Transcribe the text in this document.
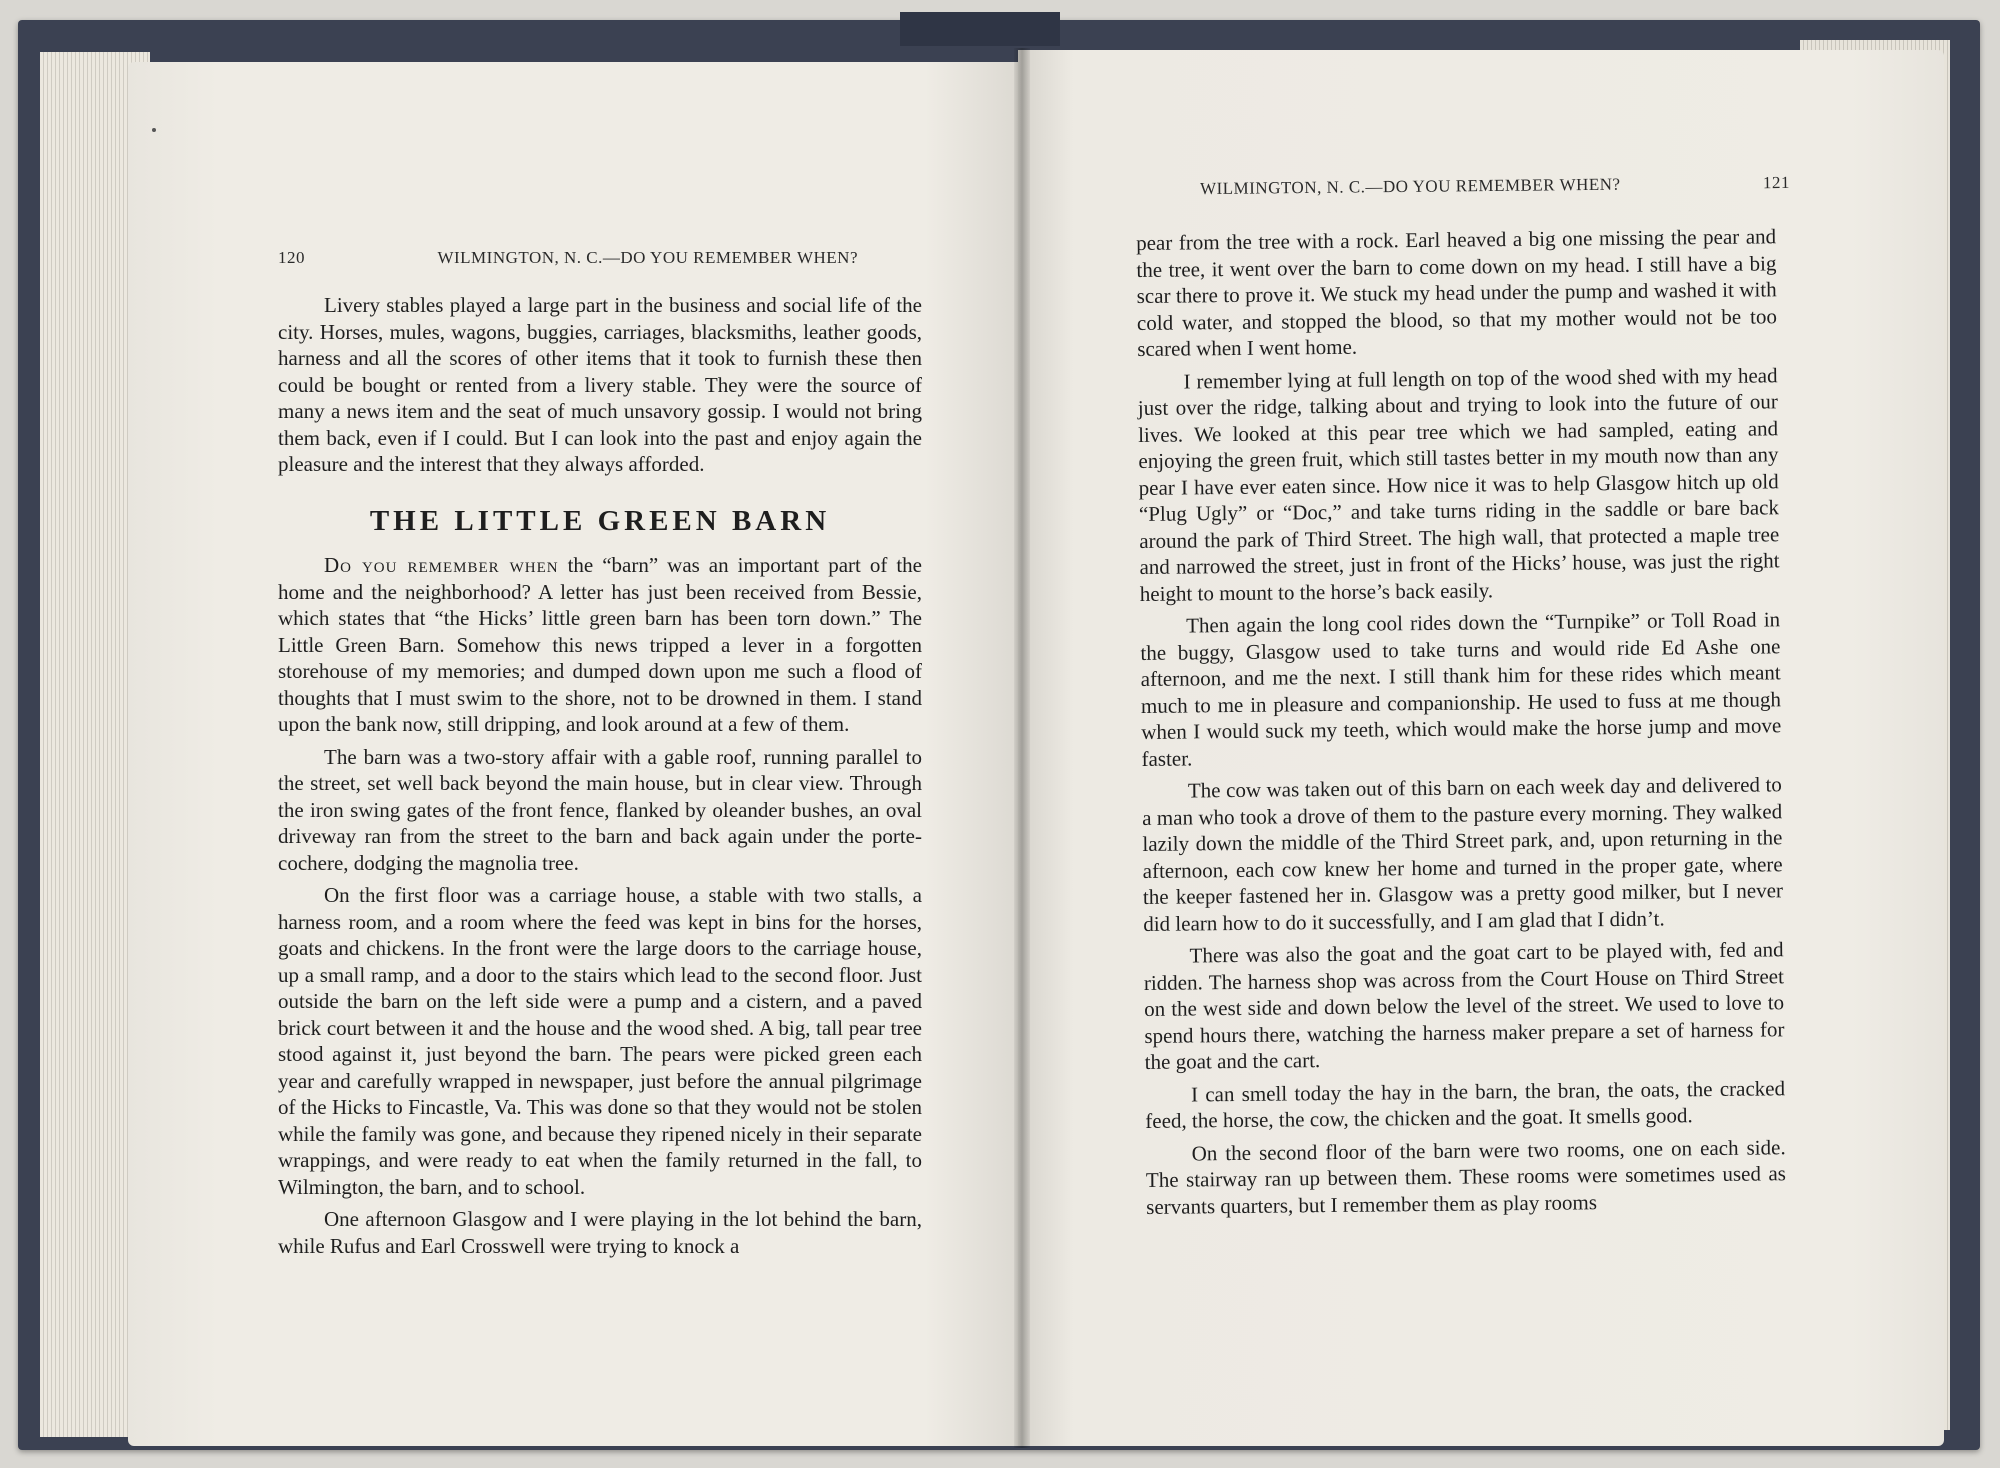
120	WILMINGTON, N. C.—DO YOU REMEMBER WHEN?

Livery stables played a large part in the business and social life of the city. Horses, mules, wagons, buggies, carriages, blacksmiths, leather goods, harness and all the scores of other items that it took to furnish these then could be bought or rented from a livery stable. They were the source of many a news item and the seat of much unsavory gossip. I would not bring them back, even if I could. But I can look into the past and enjoy again the pleasure and the interest that they always afforded.

THE LITTLE GREEN BARN

Do you remember when the “barn” was an important part of the home and the neighborhood? A letter has just been received from Bessie, which states that “the Hicks’ little green barn has been torn down.” The Little Green Barn. Somehow this news tripped a lever in a forgotten storehouse of my memories; and dumped down upon me such a flood of thoughts that I must swim to the shore, not to be drowned in them. I stand upon the bank now, still dripping, and look around at a few of them.

The barn was a two-story affair with a gable roof, running parallel to the street, set well back beyond the main house, but in clear view. Through the iron swing gates of the front fence, flanked by oleander bushes, an oval driveway ran from the street to the barn and back again under the porte-cochere, dodging the magnolia tree.

On the first floor was a carriage house, a stable with two stalls, a harness room, and a room where the feed was kept in bins for the horses, goats and chickens. In the front were the large doors to the carriage house, up a small ramp, and a door to the stairs which lead to the second floor. Just outside the barn on the left side were a pump and a cistern, and a paved brick court between it and the house and the wood shed. A big, tall pear tree stood against it, just beyond the barn. The pears were picked green each year and carefully wrapped in newspaper, just before the annual pilgrimage of the Hicks to Fincastle, Va. This was done so that they would not be stolen while the family was gone, and because they ripened nicely in their separate wrappings, and were ready to eat when the family returned in the fall, to Wilmington, the barn, and to school.

One afternoon Glasgow and I were playing in the lot behind the barn, while Rufus and Earl Crosswell were trying to knock a

WILMINGTON, N. C.—DO YOU REMEMBER WHEN?	121

pear from the tree with a rock. Earl heaved a big one missing the pear and the tree, it went over the barn to come down on my head. I still have a big scar there to prove it. We stuck my head under the pump and washed it with cold water, and stopped the blood, so that my mother would not be too scared when I went home.

I remember lying at full length on top of the wood shed with my head just over the ridge, talking about and trying to look into the future of our lives. We looked at this pear tree which we had sampled, eating and enjoying the green fruit, which still tastes better in my mouth now than any pear I have ever eaten since. How nice it was to help Glasgow hitch up old “Plug Ugly” or “Doc,” and take turns riding in the saddle or bare back around the park of Third Street. The high wall, that protected a maple tree and narrowed the street, just in front of the Hicks’ house, was just the right height to mount to the horse’s back easily.

Then again the long cool rides down the “Turnpike” or Toll Road in the buggy, Glasgow used to take turns and would ride Ed Ashe one afternoon, and me the next. I still thank him for these rides which meant much to me in pleasure and companionship. He used to fuss at me though when I would suck my teeth, which would make the horse jump and move faster.

The cow was taken out of this barn on each week day and delivered to a man who took a drove of them to the pasture every morning. They walked lazily down the middle of the Third Street park, and, upon returning in the afternoon, each cow knew her home and turned in the proper gate, where the keeper fastened her in. Glasgow was a pretty good milker, but I never did learn how to do it successfully, and I am glad that I didn’t.

There was also the goat and the goat cart to be played with, fed and ridden. The harness shop was across from the Court House on Third Street on the west side and down below the level of the street. We used to love to spend hours there, watching the harness maker prepare a set of harness for the goat and the cart.

I can smell today the hay in the barn, the bran, the oats, the cracked feed, the horse, the cow, the chicken and the goat. It smells good.

On the second floor of the barn were two rooms, one on each side. The stairway ran up between them. These rooms were sometimes used as servants quarters, but I remember them as play rooms
